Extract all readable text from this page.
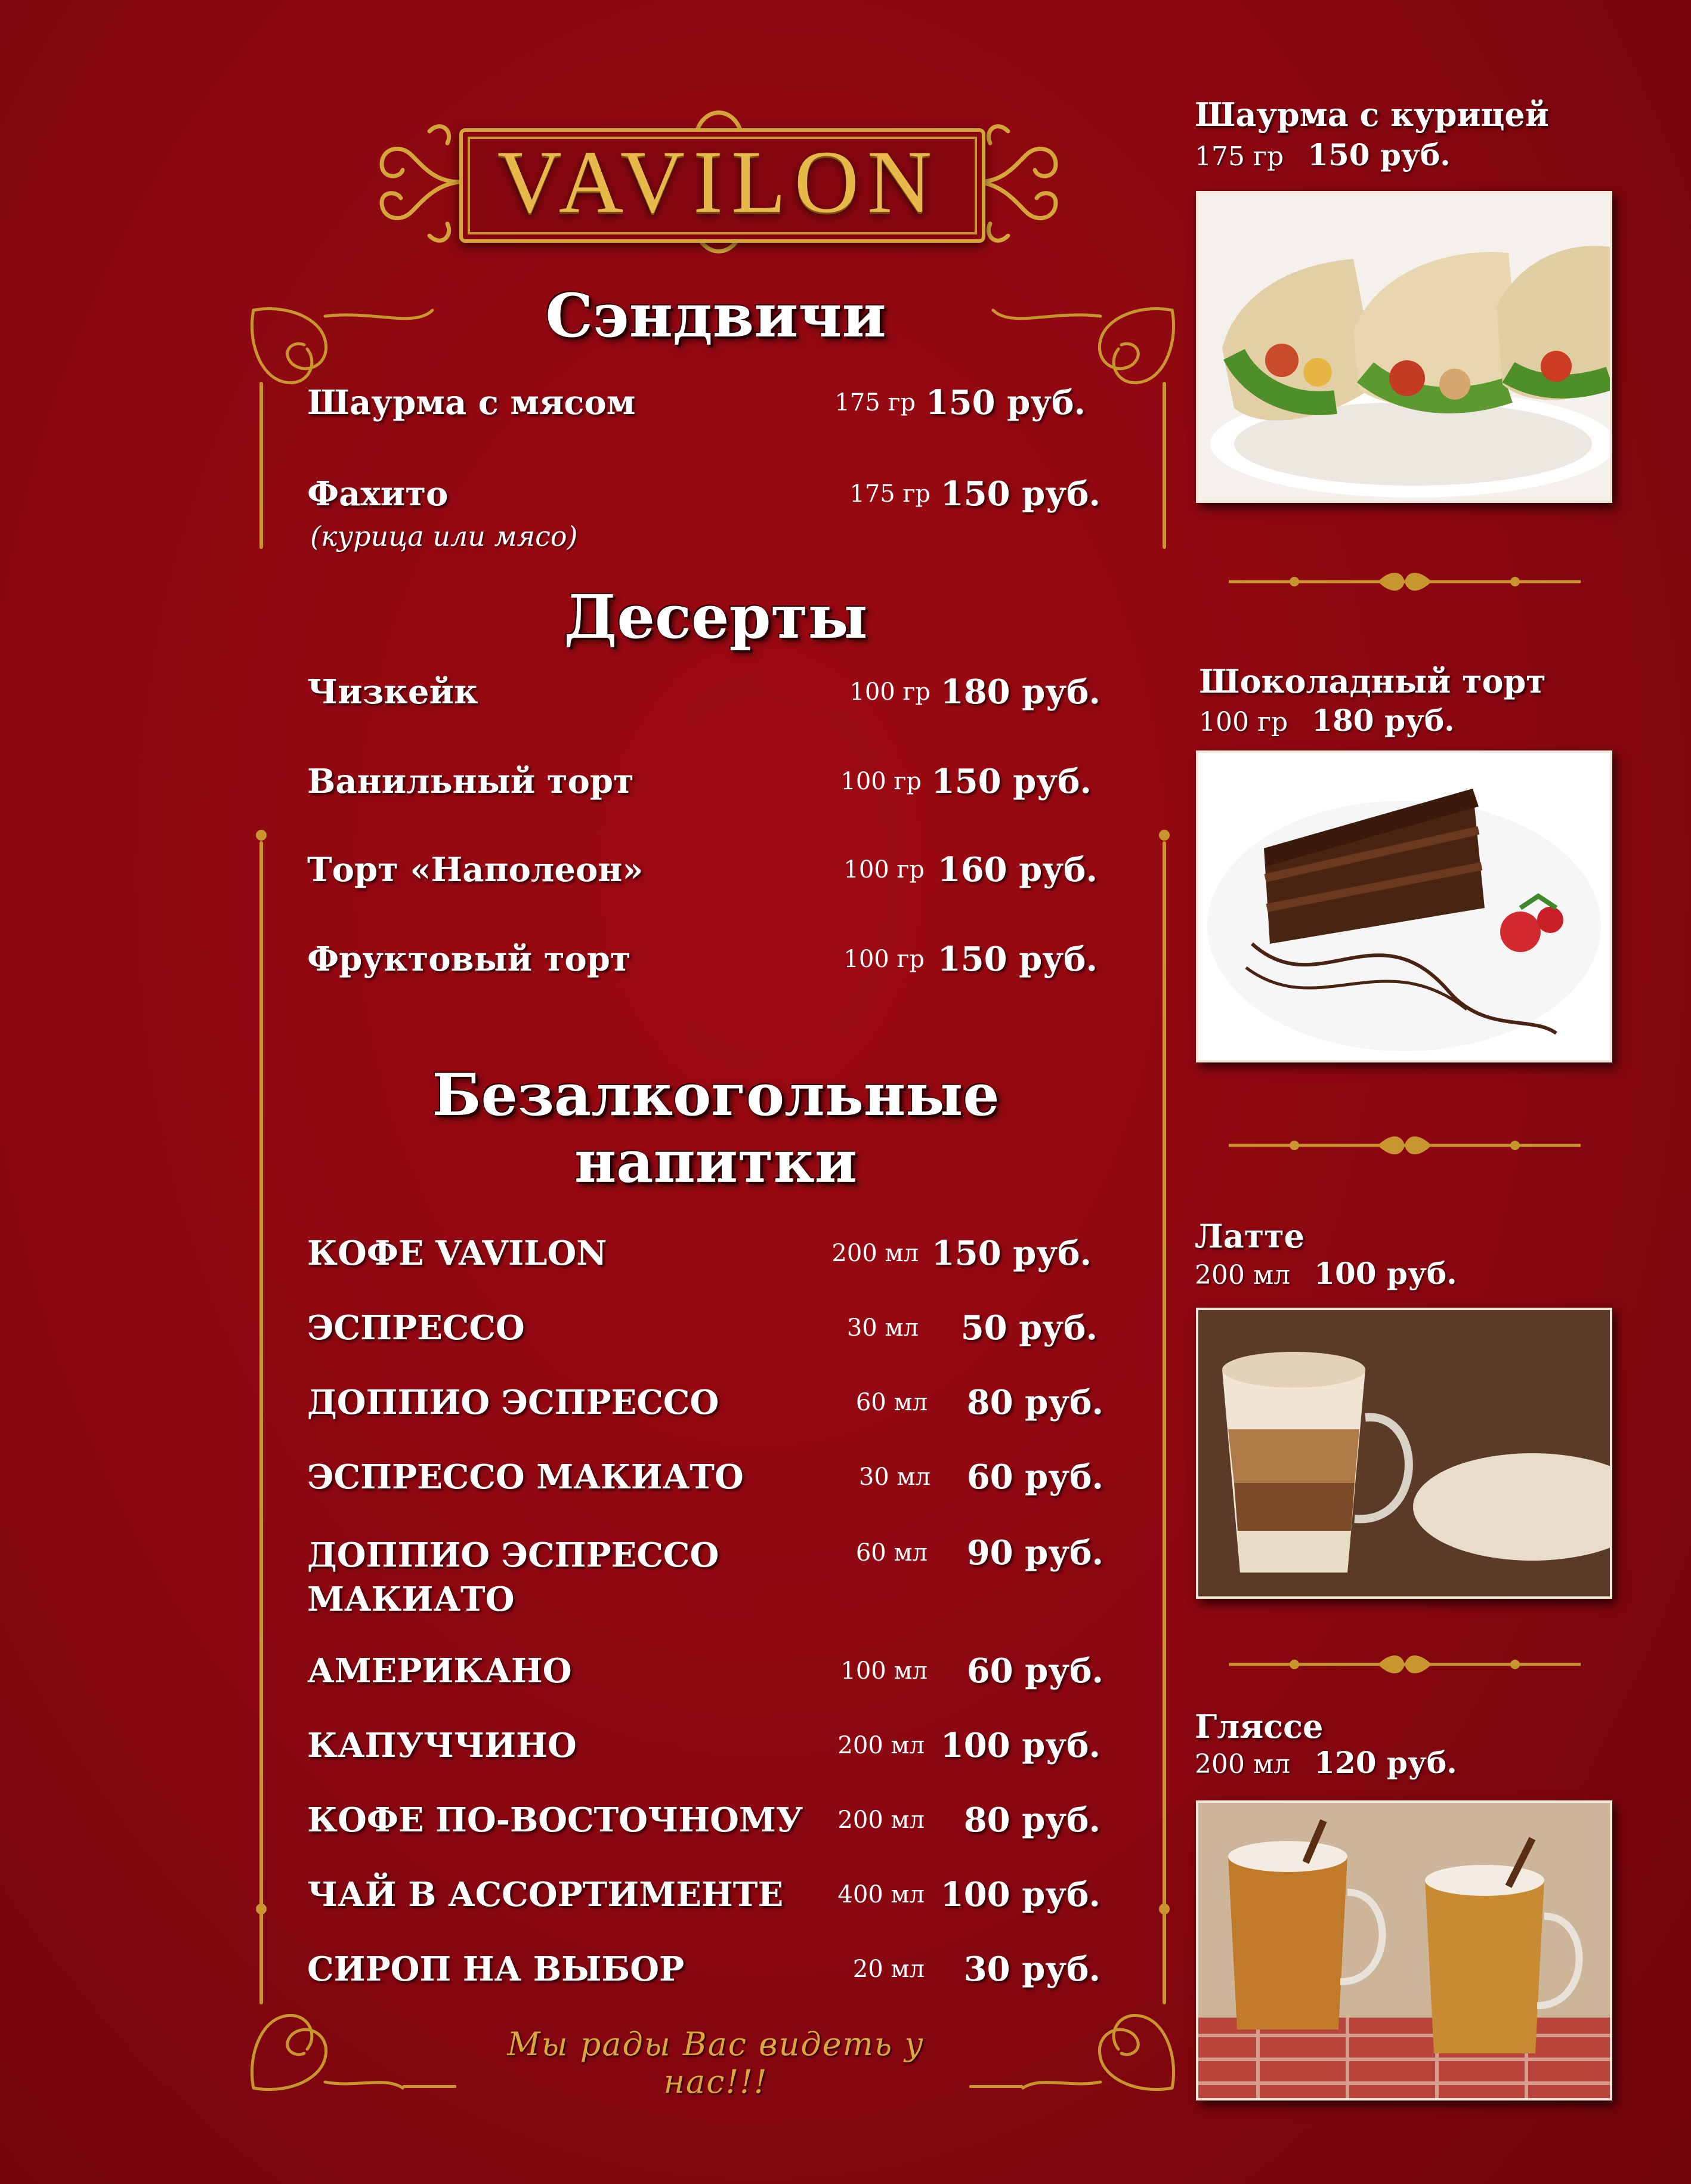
VAVILON
Сэндвичи
Шаурма с мясом	175 гр 150 руб.
Фахито	175 гр 150 руб.
(курица или мясо)
Десерты
Чизкейк	100 гр 180 руб.
Ванильный торт	100 гр 150 руб.
Торт «Наполеон»	100 гр 160 руб.
Фруктовый торт	100 гр 150 руб.
Безалкогольные
напитки
КОФЕ VAVILON	200 мл 150 руб.
ЭСПРЕССО	30 мл	50 руб.
ДОППИО ЭСПРЕССО	60 мл	80 руб.
ЭСПРЕССО МАКИАТО	30 мл	60 руб.
ДОППИО ЭСПРЕССО
МАКИАТО
60 мл	90 руб.
АМЕРИКАНО	100 мл	60 руб.
КАПУЧЧИНО	200 мл 100 руб.
КОФЕ ПО-ВОСТОЧНОМУ 200 мл	80 руб.
ЧАЙ В АССОРТИМЕНТЕ 400 мл 100 руб.
СИРОП НА ВЫБОР	20 мл	30 руб.
Мы рады Вас видеть у нас!!!
Шаурма с курицей
175 гр 150 руб.
Шоколадный торт
100 гр 180 руб.
Латте
200 мл 100 руб.
Гляссе
200 мл 120 руб.
